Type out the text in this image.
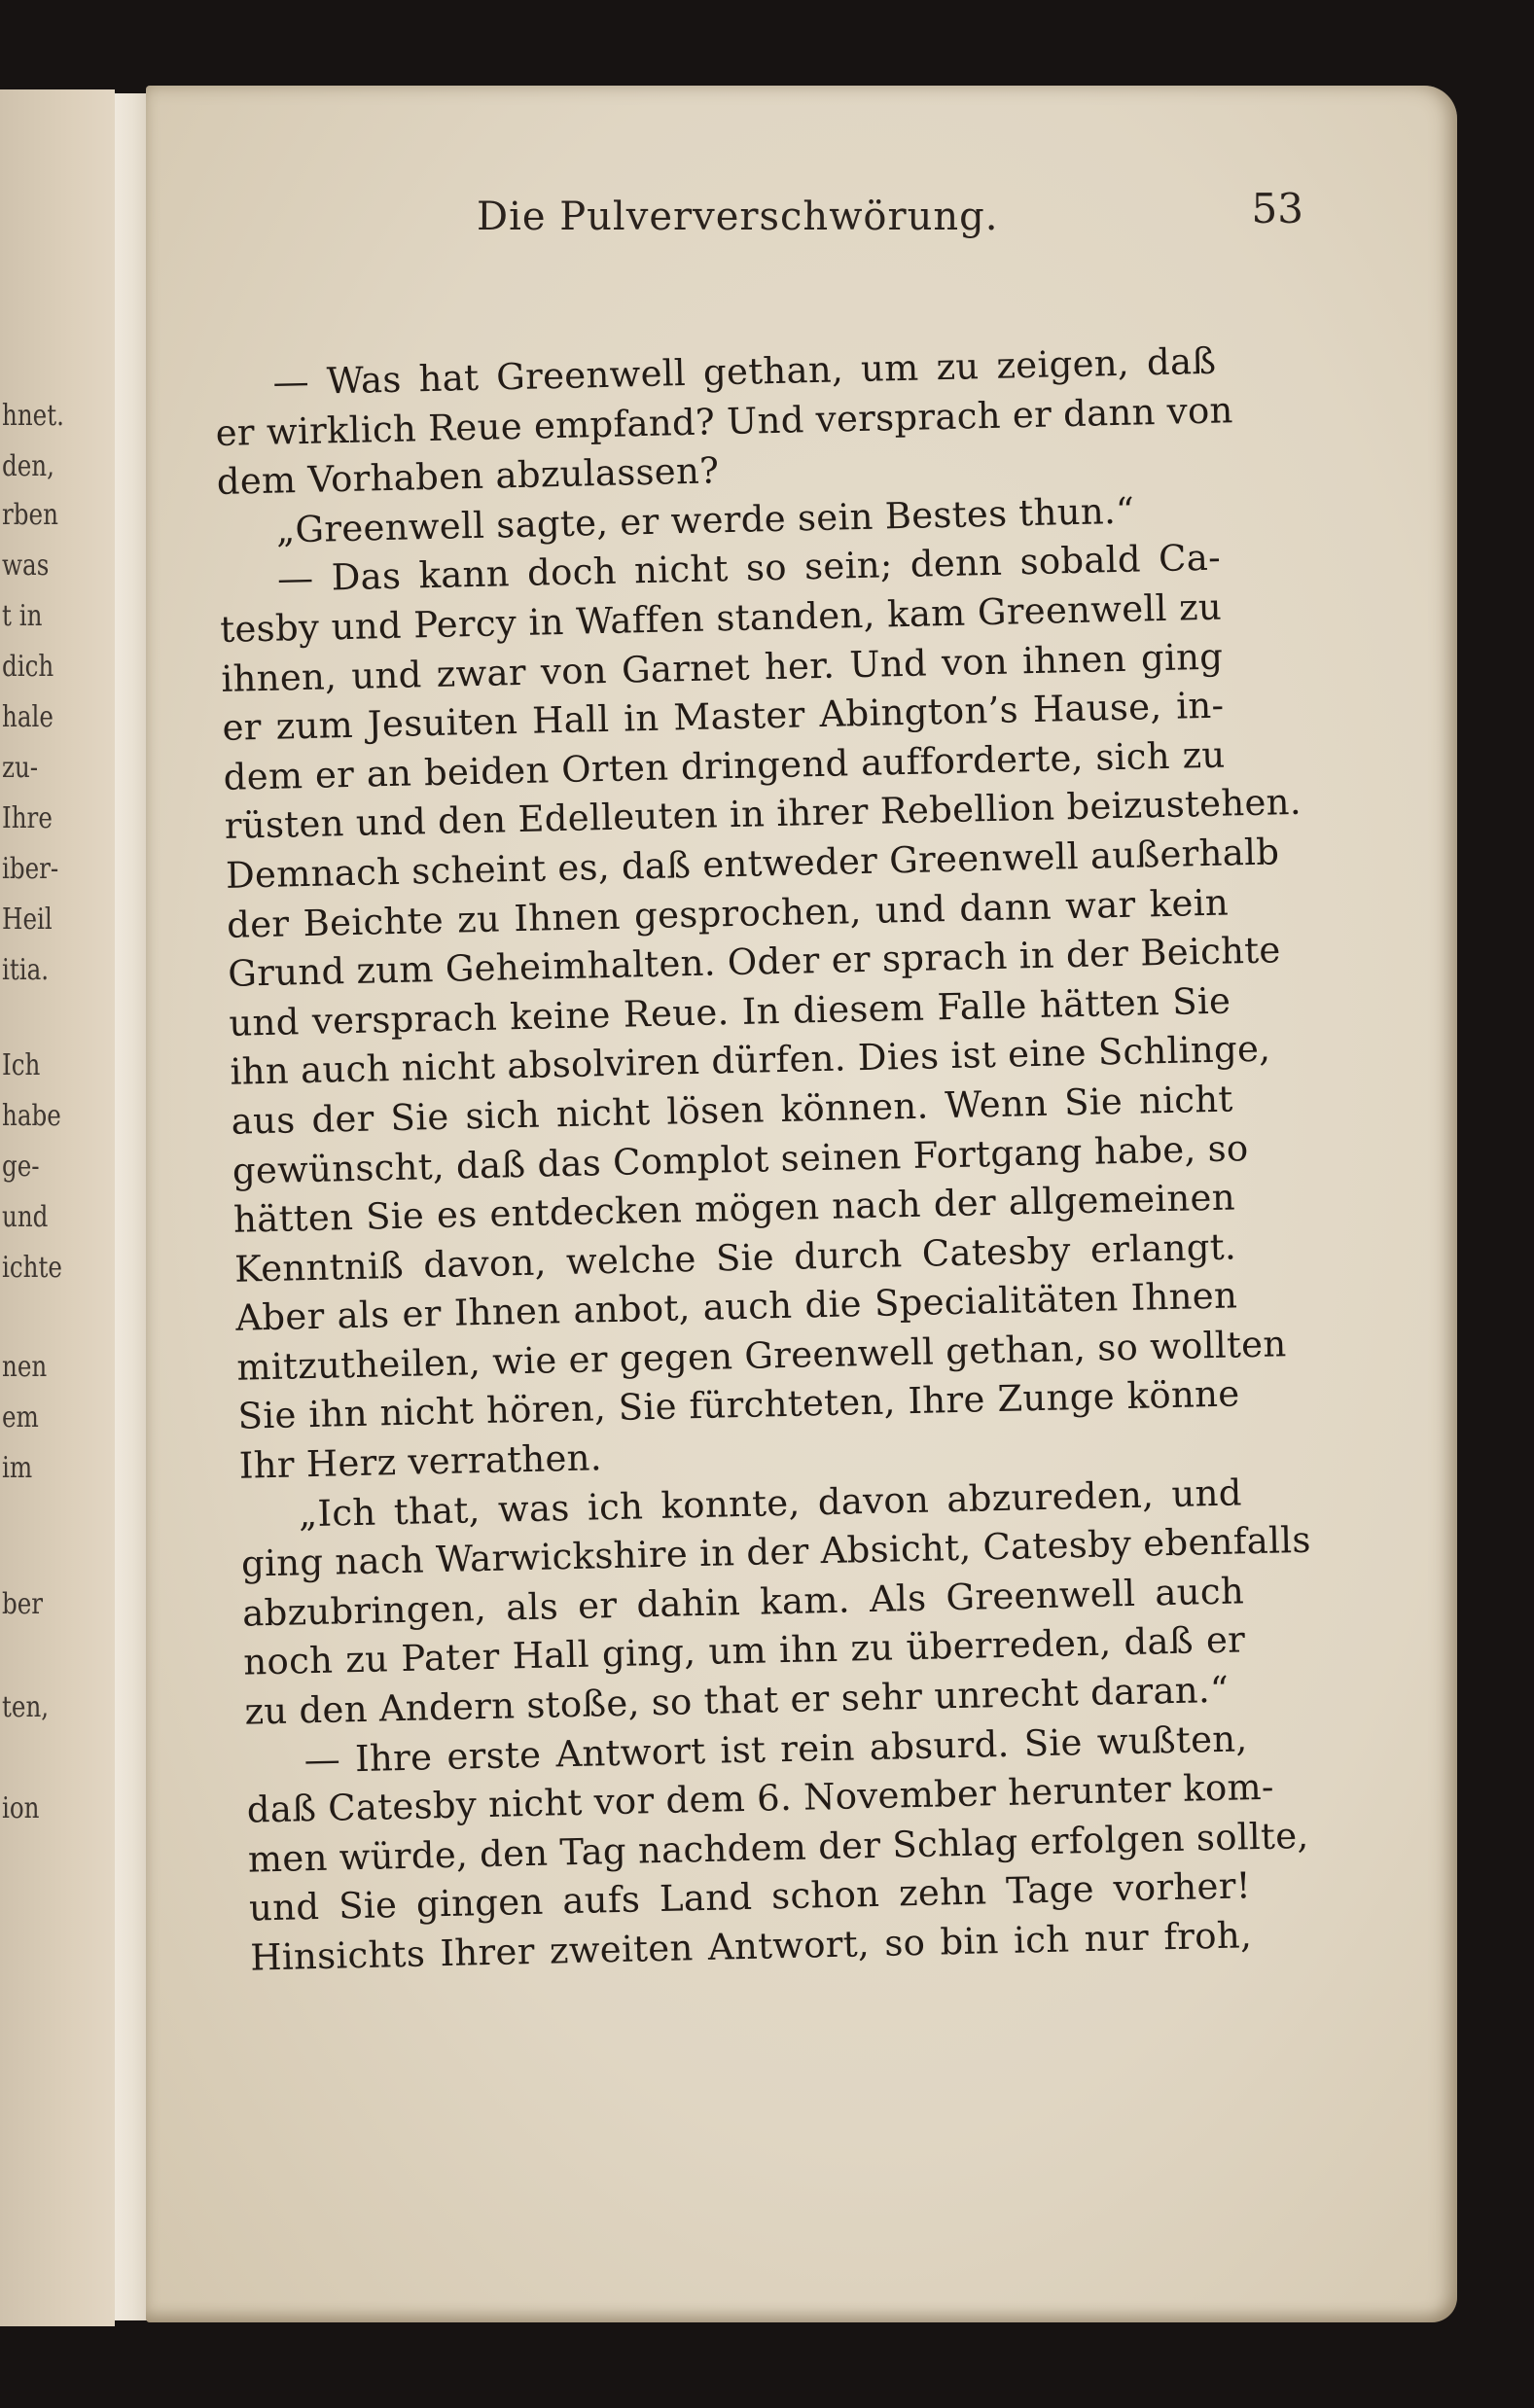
hnet.
den,
rben
was
t in
dich
hale
zu-
Ihre
iber-
Heil
itia.
Ich
habe
ge-
und
ichte
nen
em
im
ber
ten,
ion
Die Pulververschwörung.	53
— Was hat Greenwell gethan, um zu zeigen, daß
er wirklich Reue empfand? Und versprach er dann von
dem Vorhaben abzulassen?
„Greenwell sagte, er werde sein Bestes thun.“
— Das kann doch nicht so sein; denn sobald Ca-
tesby und Percy in Waffen standen, kam Greenwell zu
ihnen, und zwar von Garnet her. Und von ihnen ging
er zum Jesuiten Hall in Master Abington’s Hause, in-
dem er an beiden Orten dringend aufforderte, sich zu
rüsten und den Edelleuten in ihrer Rebellion beizustehen.
Demnach scheint es, daß entweder Greenwell außerhalb
der Beichte zu Ihnen gesprochen, und dann war kein
Grund zum Geheimhalten. Oder er sprach in der Beichte
und versprach keine Reue. In diesem Falle hätten Sie
ihn auch nicht absolviren dürfen. Dies ist eine Schlinge,
aus der Sie sich nicht lösen können. Wenn Sie nicht
gewünscht, daß das Complot seinen Fortgang habe, so
hätten Sie es entdecken mögen nach der allgemeinen
Kenntniß davon, welche Sie durch Catesby erlangt.
Aber als er Ihnen anbot, auch die Specialitäten Ihnen
mitzutheilen, wie er gegen Greenwell gethan, so wollten
Sie ihn nicht hören, Sie fürchteten, Ihre Zunge könne
Ihr Herz verrathen.
„Ich that, was ich konnte, davon abzureden, und
ging nach Warwickshire in der Absicht, Catesby ebenfalls
abzubringen, als er dahin kam. Als Greenwell auch
noch zu Pater Hall ging, um ihn zu überreden, daß er
zu den Andern stoße, so that er sehr unrecht daran.“
— Ihre erste Antwort ist rein absurd. Sie wußten,
daß Catesby nicht vor dem 6. November herunter kom-
men würde, den Tag nachdem der Schlag erfolgen sollte,
und Sie gingen aufs Land schon zehn Tage vorher!
Hinsichts Ihrer zweiten Antwort, so bin ich nur froh,
